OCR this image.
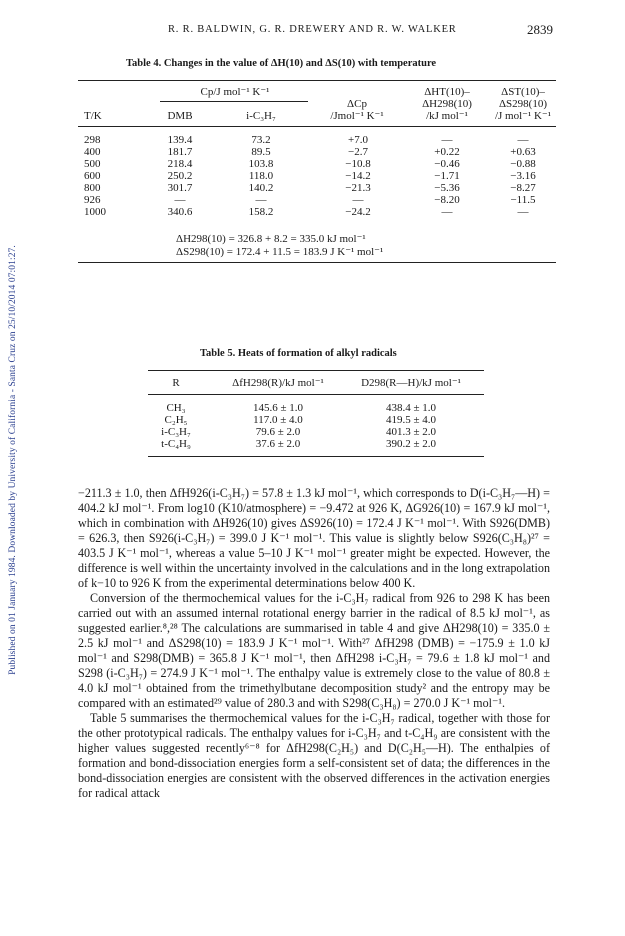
Published on 01 January 1984. Downloaded by University of California - Santa Cruz on 25/10/2014 07:01:27.
R. R. BALDWIN, G. R. DREWERY AND R. W. WALKER	2839
Table 4. Changes in the value of ΔH(10) and ΔS(10) with temperature
Cp/J mol⁻¹ K⁻¹	ΔHT(10)–
ΔH298(10)
/kJ mol⁻¹
ΔST(10)–
ΔS298(10)
/J mol⁻¹ K⁻¹
ΔCp
/Jmol⁻¹ K⁻¹
T/K	DMB	i-C₃H₇
298	139.4	73.2	+7.0	—	—
400	181.7	89.5	−2.7	+0.22	+0.63
500	218.4	103.8	−10.8	−0.46	−0.88
600	250.2	118.0	−14.2	−1.71	−3.16
800	301.7	140.2	−21.3	−5.36	−8.27
926	—	—	—	−8.20	−11.5
1000	340.6	158.2	−24.2	—	—
ΔH298(10) = 326.8 + 8.2 = 335.0 kJ mol⁻¹
ΔS298(10) = 172.4 + 11.5 = 183.9 J K⁻¹ mol⁻¹
Table 5. Heats of formation of alkyl radicals
R	ΔfH298(R)/kJ mol⁻¹	D298(R—H)/kJ mol⁻¹
CH₃	145.6 ± 1.0	438.4 ± 1.0
C₂H₅	117.0 ± 4.0	419.5 ± 4.0
i-C₃H₇	79.6 ± 2.0	401.3 ± 2.0
t-C₄H₉	37.6 ± 2.0	390.2 ± 2.0

−211.3 ± 1.0, then ΔfH926(i-C₃H₇) = 57.8 ± 1.3 kJ mol⁻¹, which corresponds to D(i-C₃H₇—H) = 404.2 kJ mol⁻¹. From log10 (K10/atmosphere) = −9.472 at 926 K, ΔG926(10) = 167.9 kJ mol⁻¹, which in combination with ΔH926(10) gives ΔS926(10) = 172.4 J K⁻¹ mol⁻¹. With S926(DMB) = 626.3, then S926(i-C₃H₇) = 399.0 J K⁻¹ mol⁻¹. This value is slightly below S926(C₃H₈)²⁷ = 403.5 J K⁻¹ mol⁻¹, whereas a value 5–10 J K⁻¹ mol⁻¹ greater might be expected. However, the difference is well within the uncertainty involved in the calculations and in the long extrapolation of k−10 to 926 K from the experimental determinations below 400 K.

Conversion of the thermochemical values for the i-C₃H₇ radical from 926 to 298 K has been carried out with an assumed internal rotational energy barrier in the radical of 8.5 kJ mol⁻¹, as suggested earlier.⁸,²⁸ The calculations are summarised in table 4 and give ΔH298(10) = 335.0 ± 2.5 kJ mol⁻¹ and ΔS298(10) = 183.9 J K⁻¹ mol⁻¹. With²⁷ ΔfH298 (DMB) = −175.9 ± 1.0 kJ mol⁻¹ and S298(DMB) = 365.8 J K⁻¹ mol⁻¹, then ΔfH298 i-C₃H₇ = 79.6 ± 1.8 kJ mol⁻¹ and S298 (i-C₃H₇) = 274.9 J K⁻¹ mol⁻¹. The enthalpy value is extremely close to the value of 80.8 ± 4.0 kJ mol⁻¹ obtained from the trimethylbutane decomposition study² and the entropy may be compared with an estimated²⁹ value of 280.3 and with S298(C₃H₈) = 270.0 J K⁻¹ mol⁻¹.

Table 5 summarises the thermochemical values for the i-C₃H₇ radical, together with those for the other prototypical radicals. The enthalpy values for i-C₃H₇ and t-C₄H₉ are consistent with the higher values suggested recently⁶⁻⁸ for ΔfH298(C₂H₅) and D(C₂H₅—H). The enthalpies of formation and bond-dissociation energies form a self-consistent set of data; the differences in the bond-dissociation energies are consistent with the observed differences in the activation energies for radical attack
